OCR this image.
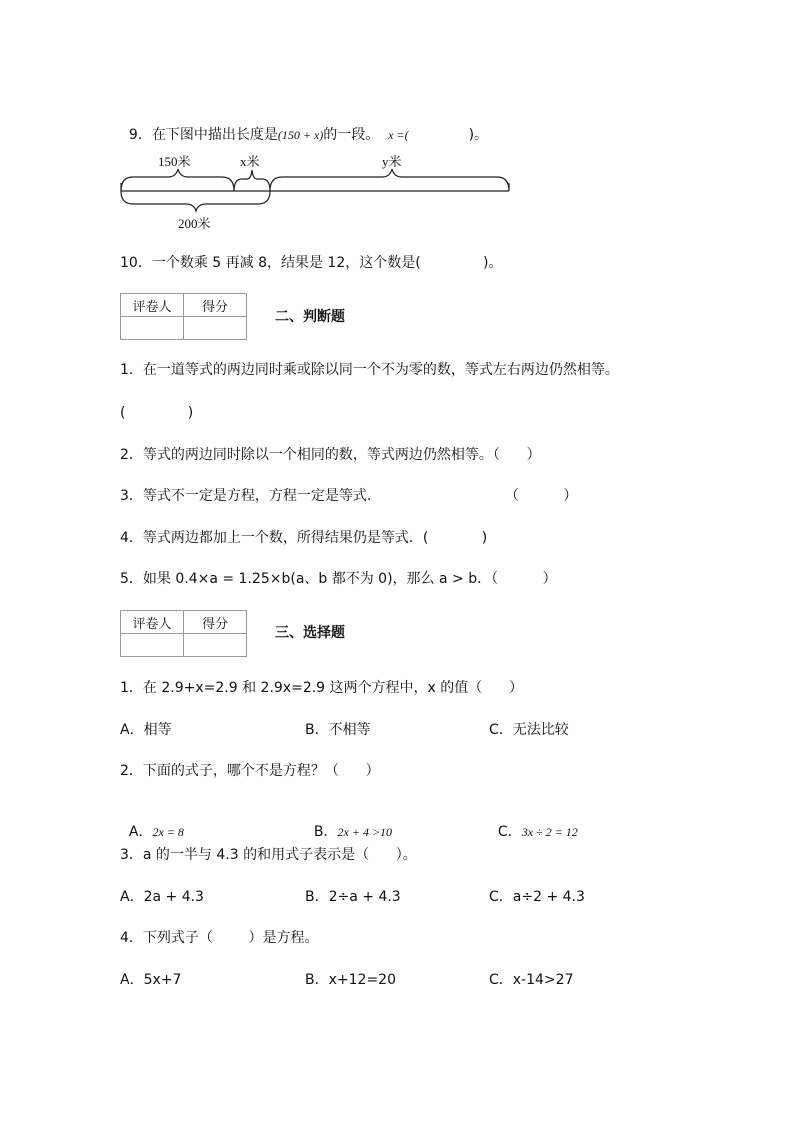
9．在下图中描出长度是(150 + x)的一段。 x =(	)。

150米	x米	y米
200米
10．一个数乘 5 再减 8，结果是 12，这个数是(              )。
评卷人	得分

二、判断题
1．在一道等式的两边同时乘或除以同一个不为零的数，等式左右两边仍然相等。
(              )
2．等式的两边同时除以一个相同的数，等式两边仍然相等。（      ）
3．等式不一定是方程，方程一定是等式.                              （          ）
4．等式两边都加上一个数，所得结果仍是等式．(            )
5．如果 0.4×a = 1.25×b(a、b 都不为 0)，那么 a > b．（          ）
评卷人	得分

三、选择题
1．在 2.9+x=2.9 和 2.9x=2.9 这两个方程中，x 的值（      ）
A．相等	B．不相等	C．无法比较
2．下面的式子，哪个不是方程？（      ）

A．2x = 8	B．2x + 4 >10	C．3x ÷ 2 = 12

3．a 的一半与 4.3 的和用式子表示是（      ）。
A．2a + 4.3	B．2÷a + 4.3	C．a÷2 + 4.3
4．下列式子（        ）是方程。
A．5x+7	B．x+12=20	C．x-14>27
